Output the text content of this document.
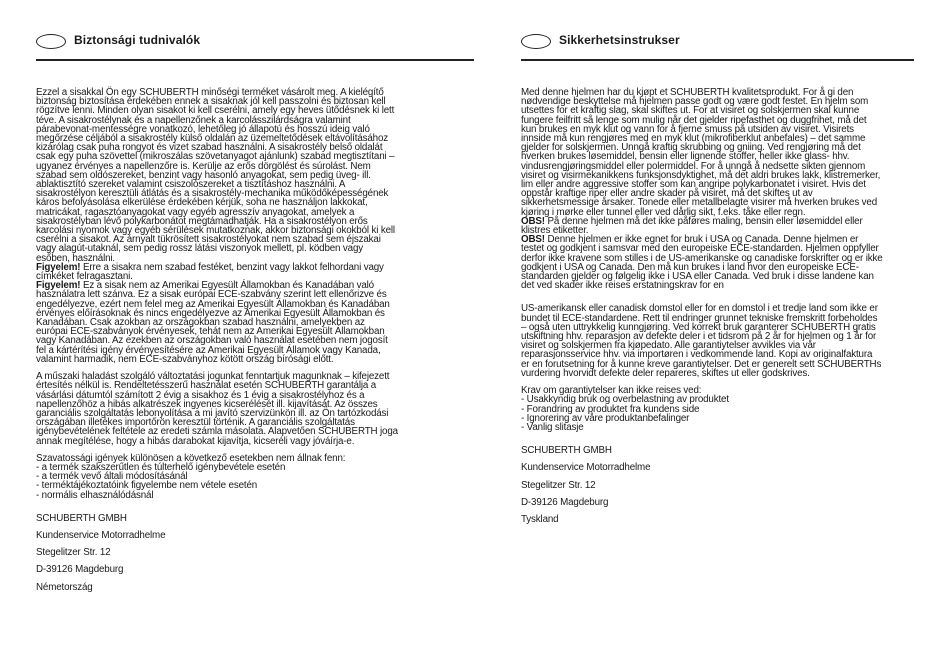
Biztonsági tudnivalók

Ezzel a sisakkal Ön egy SCHUBERTH minőségi terméket vásárolt meg. A kielégítő biztonság biztosítása érdekében ennek a sisaknak jól kell passzolni és biztosan kell rögzítve lenni. Minden olyan sisakot ki kell cserélni, amely egy heves ütődésnek ki lett téve. A sisakrostélynak és a napellenzőnek a karcolásszilárdságra valamint párabevonat-mentességre vonatkozó, lehetőleg jó állapotú és hosszú ideig való megőrzése céljából a sisakrostély külső oldalán az üzemeltetődések eltávolításához kizárólag csak puha rongyot és vizet szabad használni. A sisakrostély belső oldalát csak egy puha szövettel (mikroszálas szövetanyagot ajánlunk) szabad megtisztítani – ugyanez érvényes a napellenzőre is. Kerülje az erős dörgölést és súrolást. Nem szabad sem oldószereket, benzint vagy hasonló anyagokat, sem pedig üveg- ill. ablaktisztító szereket valamint csiszolószereket a tisztításhoz használni. A sisakrostélyon keresztüli átlátás és a sisakrostély-mechanika működőképességének káros befolyásolása elkerülése érdekében kérjük, soha ne használjon lakkokat, matricákat, ragasztóanyagokat vagy egyéb agresszív anyagokat, amelyek a sisakrostélyban lévő polykarbonátot megtámadhatják. Ha a sisakrostélyon erős karcolási nyomok vagy egyéb sérülések mutatkoznak, akkor biztonsági okokból ki kell cserélni a sisakot. Az árnyalt tükrösített sisakrostélyokat nem szabad sem éjszakai vagy alagút-utaknál, sem pedig rossz látási viszonyok mellett, pl. ködben vagy esőben, használni.

Figyelem! Erre a sisakra nem szabad festéket, benzint vagy lakkot felhordani vagy címkéket felragasztani.

Figyelem! Ez a sisak nem az Amerikai Egyesült Államokban és Kanadában való használatra lett szánva. Ez a sisak európai ECE-szabvány szerint lett ellenőrizve és engedélyezve, ezért nem felel meg az Amerikai Egyesült Államokban és Kanadában érvényes előírásoknak és nincs engedélyezve az Amerikai Egyesült Államokban és Kanadában. Csak azokban az országokban szabad használni, amelyekben az európai ECE-szabványok érvényesek, tehát nem az Amerikai Egyesült Államokban vagy Kanadában. Az ezekben az országokban való használat esetében nem jogosít fel a kártérítési igény érvényesítésére az Amerikai Egyesült Államok vagy Kanada, valamint harmadik, nem ECE-szabványhoz kötött ország bírósági előtt.

A műszaki haladást szolgáló változtatási jogunkat fenntartjuk magunknak – kifejezett értesítés nélkül is. Rendeltetésszerű használat esetén SCHUBERTH garantálja a vásárlási dátumtól számított 2 évig a sisakhoz és 1 évig a sisakrostélyhoz és a napellenzőhöz a hibás alkatrészek ingyenes kicserélését ill. kijavítását. Az összes garanciális szolgáltatás lebonyolítása a mi javító szervizünkön ill. az Ön tartózkodási országában illetékes importőrön keresztül történik. A garanciális szolgáltatás igénybevételének feltétele az eredeti számla másolata. Alapvetően SCHUBERTH joga annak megítélése, hogy a hibás darabokat kijavítja, kicseréli vagy jóváírja-e.

Szavatossági igények különösen a következő esetekben nem állnak fenn:

- a termék szakszerűtlen és túlterhelő igénybevétele esetén
- a termék vevő általi módosításánál
- terméktájékoztatóink figyelembe nem vétele esetén
- normális elhasználódásnál

SCHUBERTH GMBH

Kundenservice Motorradhelme

Stegelitzer Str. 12

D-39126 Magdeburg

Németország

Sikkerhetsinstrukser

Med denne hjelmen har du kjøpt et SCHUBERTH kvalitetsprodukt. For å gi den nødvendige beskyttelse må hjelmen passe godt og være godt festet. En hjelm som utsettes for et kraftig slag, skal skiftes ut. For at visiret og solskjermen skal kunne fungere feilfritt så lenge som mulig når det gjelder ripefasthet og duggfrihet, må det kun brukes en myk klut og vann for å fjerne smuss på utsiden av visiret. Visirets innside må kun rengjøres med en myk klut (mikrofiberklut anbefales) – det samme gjelder for solskjermen. Unngå kraftig skrubbing og gniing. Ved rengjøring må det hverken brukes løsemiddel, bensin eller lignende stoffer, heller ikke glass- hhv. vindusrengjøringsmiddel eller polermiddel. For å unngå å nedsette sikten gjennom visiret og visirmekanikkens funksjonsdyktighet, må det aldri brukes lakk, klistremerker, lim eller andre aggressive stoffer som kan angripe polykarbonatet i visiret. Hvis det oppstår kraftige riper eller andre skader på visiret, må det skiftes ut av sikkerhetsmessige årsaker. Tonede eller metallbelagte visirer må hverken brukes ved kjøring i mørke eller tunnel eller ved dårlig sikt, f.eks. tåke eller regn.

OBS! På denne hjelmen må det ikke påføres maling, bensin eller løsemiddel eller klistres etiketter.

OBS! Denne hjelmen er ikke egnet for bruk i USA og Canada. Denne hjelmen er testet og godkjent i samsvar med den europeiske ECE-standarden. Hjelmen oppfyller derfor ikke kravene som stilles i de US-amerikanske og canadiske forskrifter og er ikke godkjent i USA og Canada. Den må kun brukes i land hvor den europeiske ECE-standarden gjelder og følgelig ikke i USA eller Canada. Ved bruk i disse landene kan det ved skader ikke reises erstatningskrav for en

US-amerikansk eller canadisk domstol eller for en domstol i et tredje land som ikke er bundet til ECE-standardene. Rett til endringer grunnet tekniske fremskritt forbeholdes – også uten uttrykkelig kunngjøring. Ved korrekt bruk garanterer SCHUBERTH gratis utskiftning hhv. reparasjon av defekte deler i et tidsrom på 2 år for hjelmen og 1 år for visiret og solskjermen fra kjøpedato. Alle garantiytelser avvikles via vår reparasjonsservice hhv. via importøren i vedkommende land. Kopi av originalfaktura er en forutsetning for å kunne kreve garantiytelser. Det er generelt sett SCHUBERTHs vurdering hvorvidt defekte deler repareres, skiftes ut eller godskrives.

Krav om garantiytelser kan ikke reises ved:

- Usakkyndig bruk og overbelastning av produktet
- Forandring av produktet fra kundens side
- Ignorering av våre produktanbefalinger
- Vanlig slitasje

SCHUBERTH GMBH

Kundenservice Motorradhelme

Stegelitzer Str. 12

D-39126 Magdeburg

Tyskland
